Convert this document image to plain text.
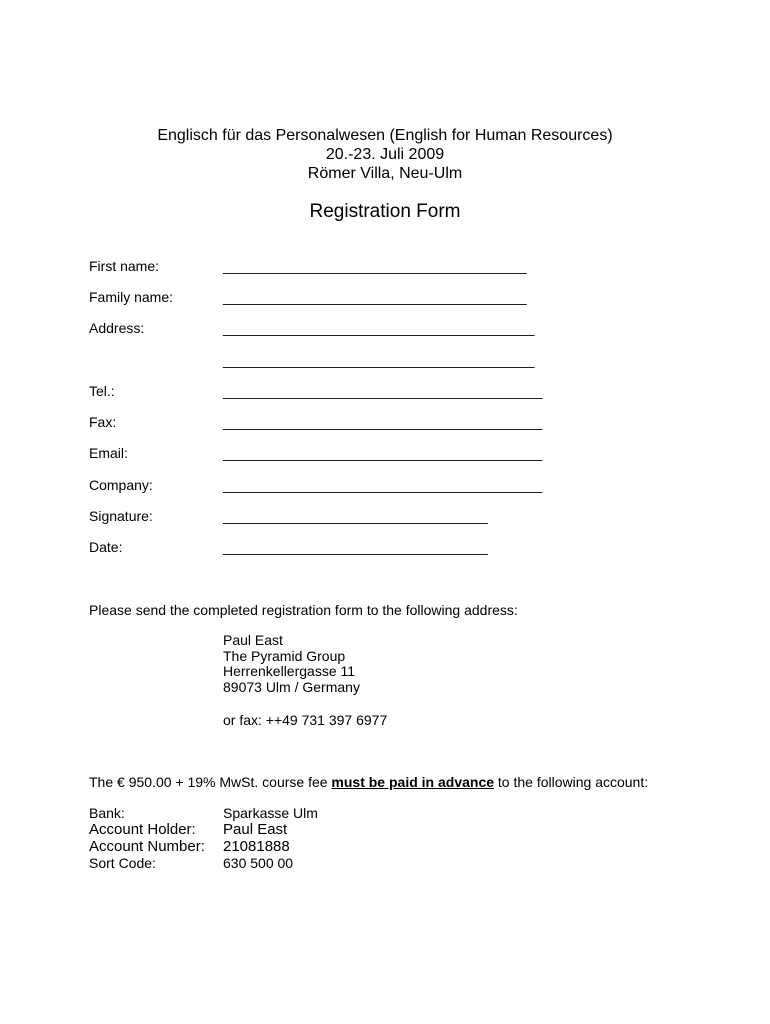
Englisch für das Personalwesen (English for Human Resources)
20.-23. Juli 2009
Römer Villa, Neu-Ulm
Registration Form
First name:	_______________________________________
Family name:	_______________________________________
Address:	________________________________________
________________________________________
Tel.:	_________________________________________
Fax:	_________________________________________
Email:	_________________________________________
Company:	_________________________________________
Signature:	__________________________________
Date:	__________________________________
Please send the completed registration form to the following address:
Paul East
The Pyramid Group
Herrenkellergasse 11
89073 Ulm / Germany
or fax: ++49 731 397 6977
The € 950.00 + 19% MwSt. course fee must be paid in advance to the following account:
Bank:	Sparkasse Ulm
Account Holder: Paul East
Account Number: 21081888
Sort Code:	630 500 00
